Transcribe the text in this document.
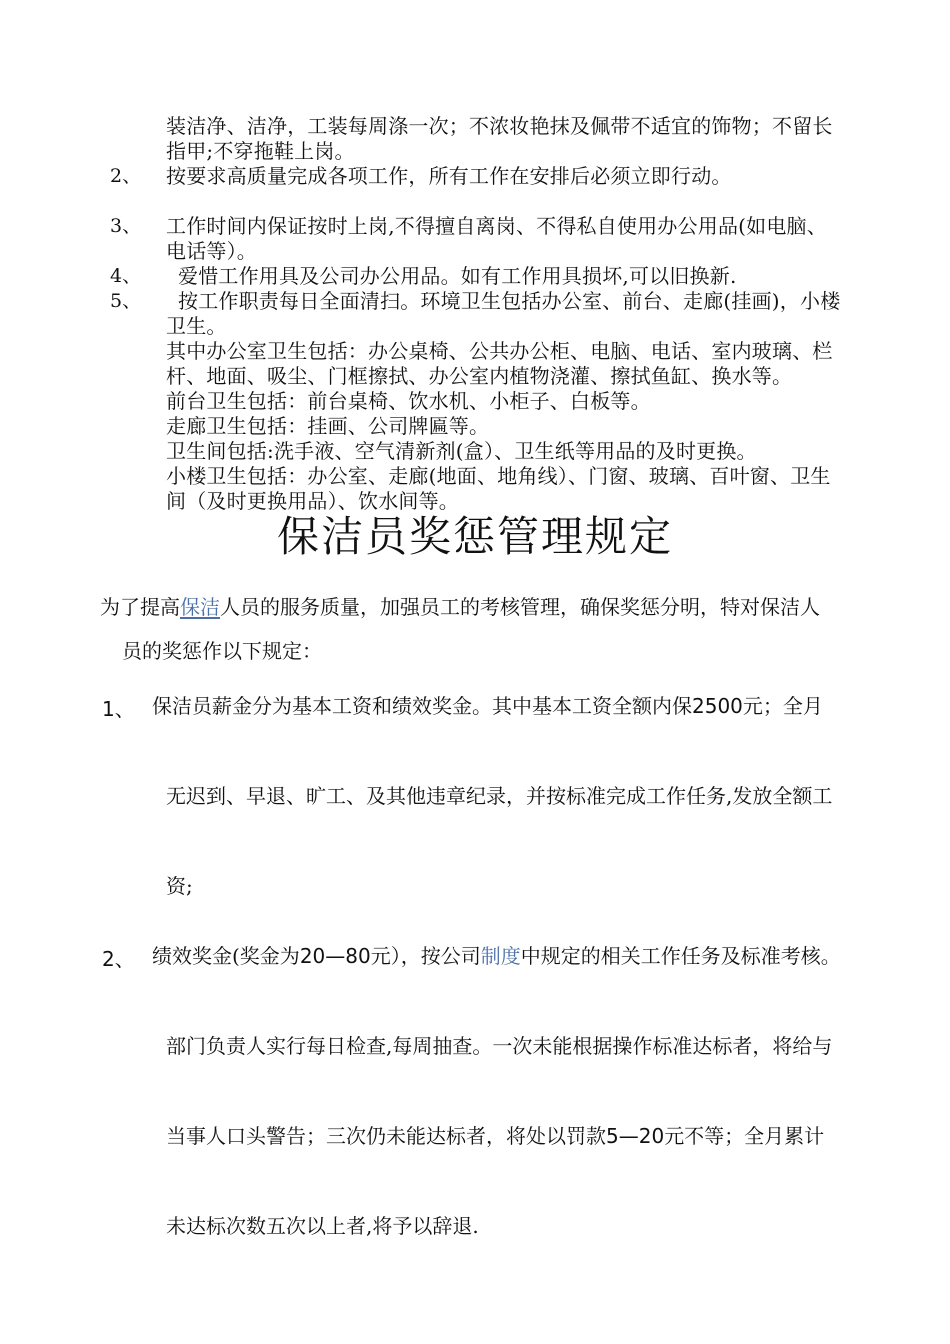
装洁净、洁净，工装每周涤一次；不浓妆艳抹及佩带不适宜的饰物；不留长
指甲;不穿拖鞋上岗。
2、 按要求高质量完成各项工作，所有工作在安排后必须立即行动。
3、 工作时间内保证按时上岗,不得擅自离岗、不得私自使用办公用品(如电脑、
电话等）。
4、 爱惜工作用具及公司办公用品。如有工作用具损坏,可以旧换新.
5、 按工作职责每日全面清扫。环境卫生包括办公室、前台、走廊(挂画)，小楼
卫生。
其中办公室卫生包括：办公桌椅、公共办公柜、电脑、电话、室内玻璃、栏
杆、地面、吸尘、门框擦拭、办公室内植物浇灌、擦拭鱼缸、换水等。
前台卫生包括：前台桌椅、饮水机、小柜子、白板等。
走廊卫生包括：挂画、公司牌匾等。
卫生间包括:洗手液、空气清新剂(盒）、卫生纸等用品的及时更换。
小楼卫生包括：办公室、走廊(地面、地角线）、门窗、玻璃、百叶窗、卫生
间（及时更换用品）、饮水间等。
保洁员奖惩管理规定
为了提高保洁人员的服务质量，加强员工的考核管理，确保奖惩分明，特对保洁人
员的奖惩作以下规定：
1、 保洁员薪金分为基本工资和绩效奖金。其中基本工资全额内保2500元；全月
无迟到、早退、旷工、及其他违章纪录，并按标准完成工作任务,发放全额工
资;
2、 绩效奖金(奖金为20—80元），按公司制度中规定的相关工作任务及标准考核。
部门负责人实行每日检查,每周抽查。一次未能根据操作标准达标者，将给与
当事人口头警告；三次仍未能达标者，将处以罚款5—20元不等；全月累计
未达标次数五次以上者,将予以辞退.
